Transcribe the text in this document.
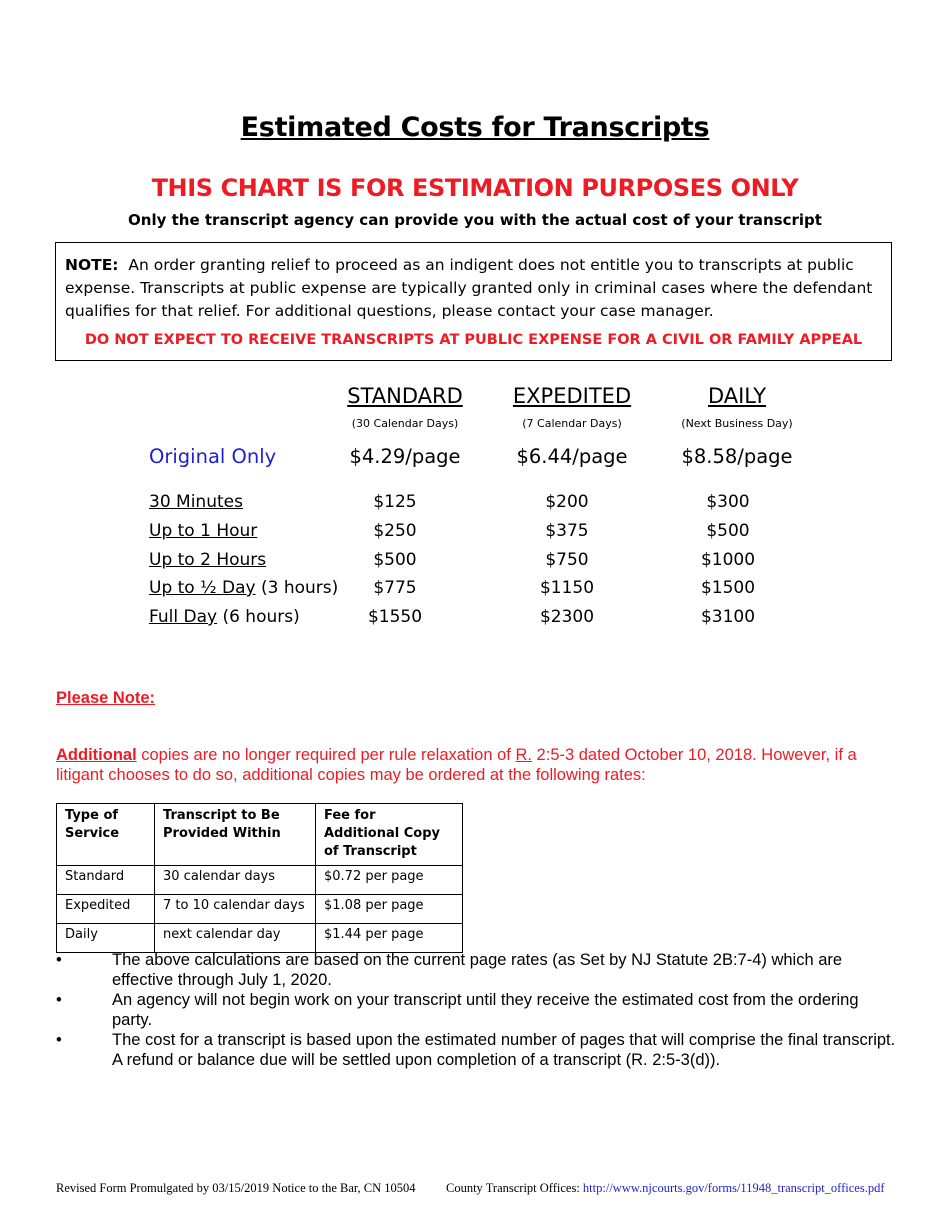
Estimated Costs for Transcripts
THIS CHART IS FOR ESTIMATION PURPOSES ONLY
Only the transcript agency can provide you with the actual cost of your transcript
NOTE: An order granting relief to proceed as an indigent does not entitle you to transcripts at public expense. Transcripts at public expense are typically granted only in criminal cases where the defendant qualifies for that relief. For additional questions, please contact your case manager.
DO NOT EXPECT TO RECEIVE TRANSCRIPTS AT PUBLIC EXPENSE FOR A CIVIL OR FAMILY APPEAL
STANDARD	EXPEDITED	DAILY
(30 Calendar Days)	(7 Calendar Days)	(Next Business Day)
Original Only	$4.29/page	$6.44/page	$8.58/page
30 Minutes	$125	$200	$300
Up to 1 Hour	$250	$375	$500
Up to 2 Hours	$500	$750	$1000
Up to ½ Day (3 hours)	$775	$1150	$1500
Full Day (6 hours)	$1550	$2300	$3100
Please Note:
Additional copies are no longer required per rule relaxation of R. 2:5-3 dated October 10, 2018. However, if a litigant chooses to do so, additional copies may be ordered at the following rates:
Type of Service	Transcript to Be Provided Within	Fee for Additional Copy of Transcript
Standard	30 calendar days	$0.72 per page
Expedited	7 to 10 calendar days	$1.08 per page
Daily	next calendar day	$1.44 per page
•	The above calculations are based on the current page rates (as Set by NJ Statute 2B:7-4) which are effective through July 1, 2020.
•	An agency will not begin work on your transcript until they receive the estimated cost from the ordering party.
•	The cost for a transcript is based upon the estimated number of pages that will comprise the final transcript. A refund or balance due will be settled upon completion of a transcript (R. 2:5-3(d)).
Revised Form Promulgated by 03/15/2019 Notice to the Bar, CN 10504 County Transcript Offices: http://www.njcourts.gov/forms/11948_transcript_offices.pdf
